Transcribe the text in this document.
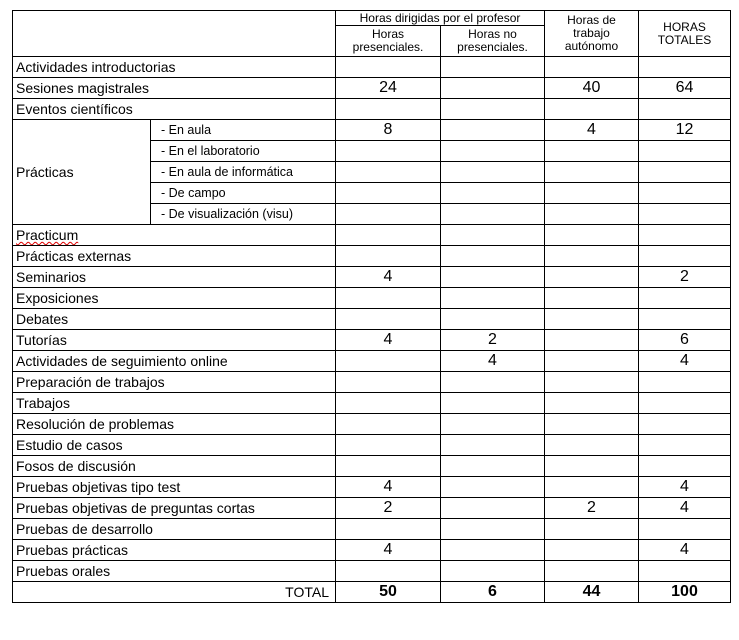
		Horas dirigidas por el profesor		Horas de trabajo autónomo	HORAS TOTALES
		Horas presenciales.	Horas no presenciales.		
Actividades introductorias					
Sesiones magistrales		24		40	64
Eventos científicos					
Prácticas	- En aula	8		4	12
	- En el laboratorio				
	- En aula de informática				
	- De campo				
	- De visualización (visu)				
Practicum					
Prácticas externas					
Seminarios		4			2
Exposiciones					
Debates					
Tutorías		4	2		6
Actividades de seguimiento online			4		4
Preparación de trabajos					
Trabajos					
Resolución de problemas					
Estudio de casos					
Fosos de discusión					
Pruebas objetivas tipo test		4			4
Pruebas objetivas de preguntas cortas		2		2	4
Pruebas de desarrollo					
Pruebas prácticas		4			4
Pruebas orales					
TOTAL		50	6	44	100
